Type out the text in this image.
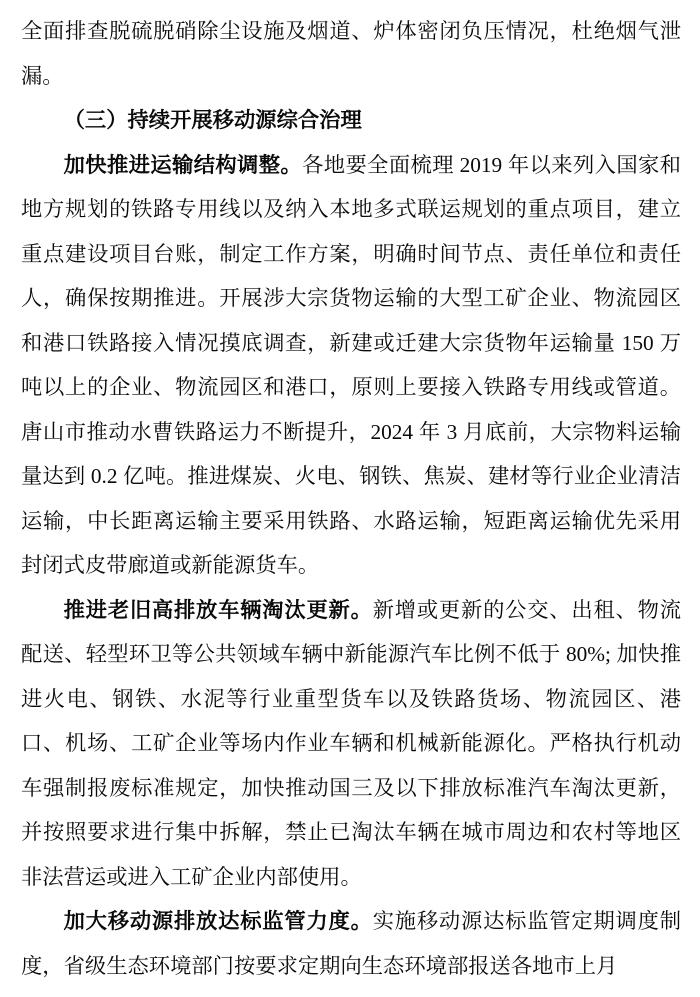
全面排查脱硫脱硝除尘设施及烟道、炉体密闭负压情况，杜绝烟气泄漏。

（三）持续开展移动源综合治理

加快推进运输结构调整。各地要全面梳理 2019 年以来列入国家和地方规划的铁路专用线以及纳入本地多式联运规划的重点项目，建立重点建设项目台账，制定工作方案，明确时间节点、责任单位和责任人，确保按期推进。开展涉大宗货物运输的大型工矿企业、物流园区和港口铁路接入情况摸底调查，新建或迁建大宗货物年运输量 150 万吨以上的企业、物流园区和港口，原则上要接入铁路专用线或管道。唐山市推动水曹铁路运力不断提升，2024 年 3 月底前，大宗物料运输量达到 0.2 亿吨。推进煤炭、火电、钢铁、焦炭、建材等行业企业清洁运输，中长距离运输主要采用铁路、水路运输，短距离运输优先采用封闭式皮带廊道或新能源货车。

推进老旧高排放车辆淘汰更新。新增或更新的公交、出租、物流配送、轻型环卫等公共领域车辆中新能源汽车比例不低于 80%; 加快推进火电、钢铁、水泥等行业重型货车以及铁路货场、物流园区、港口、机场、工矿企业等场内作业车辆和机械新能源化。严格执行机动车强制报废标准规定，加快推动国三及以下排放标准汽车淘汰更新，并按照要求进行集中拆解，禁止已淘汰车辆在城市周边和农村等地区非法营运或进入工矿企业内部使用。

加大移动源排放达标监管力度。实施移动源达标监管定期调度制度，省级生态环境部门按要求定期向生态环境部报送各地市上月
